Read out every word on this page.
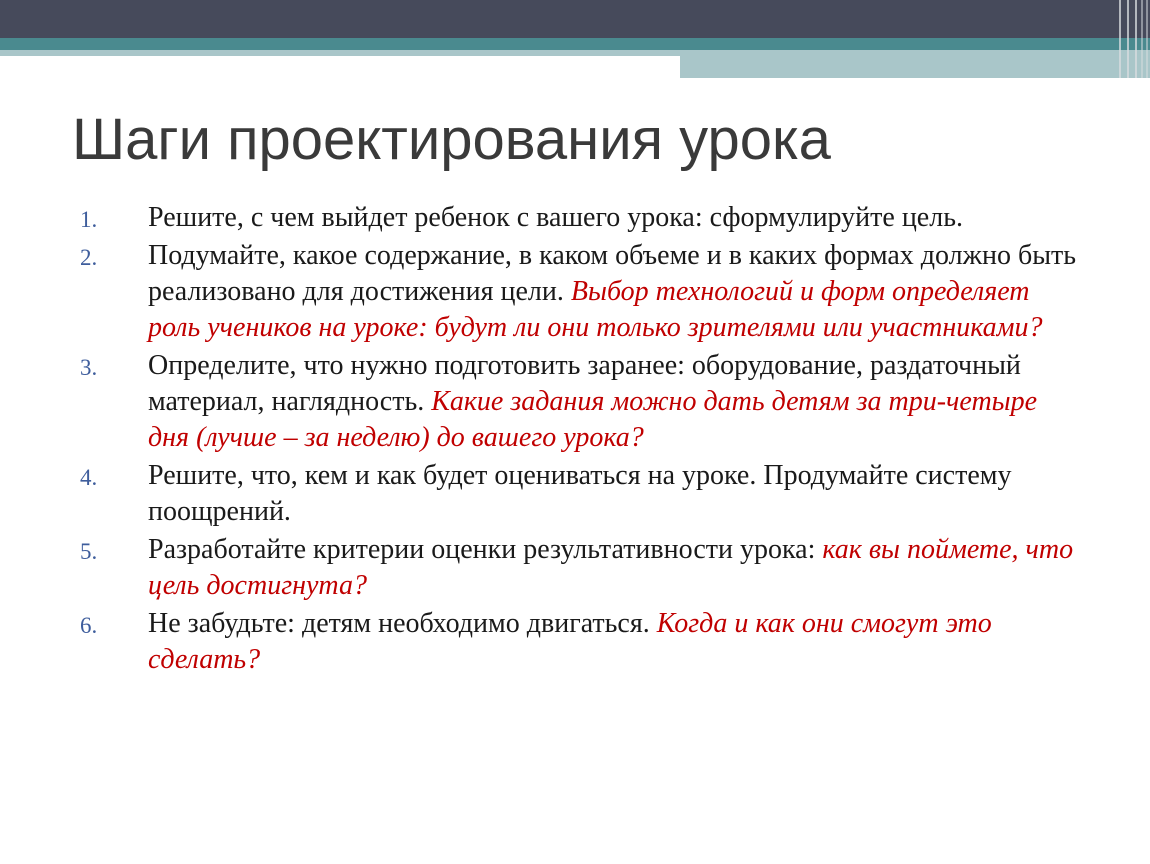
Шаги проектирования урока
1. Решите, с чем выйдет ребенок с вашего урока: сформулируйте цель.
2. Подумайте, какое содержание, в каком объеме и в каких формах должно быть реализовано для достижения цели. Выбор технологий и форм определяет роль учеников на уроке: будут ли они только зрителями или участниками?
3. Определите, что нужно подготовить заранее: оборудование, раздаточный материал, наглядность. Какие задания можно дать детям за три-четыре дня (лучше – за неделю) до вашего урока?
4. Решите, что, кем и как будет оцениваться на уроке. Продумайте систему поощрений.
5. Разработайте критерии оценки результативности урока: как вы поймете, что цель достигнута?
6. Не забудьте: детям необходимо двигаться. Когда и как они смогут это сделать?
